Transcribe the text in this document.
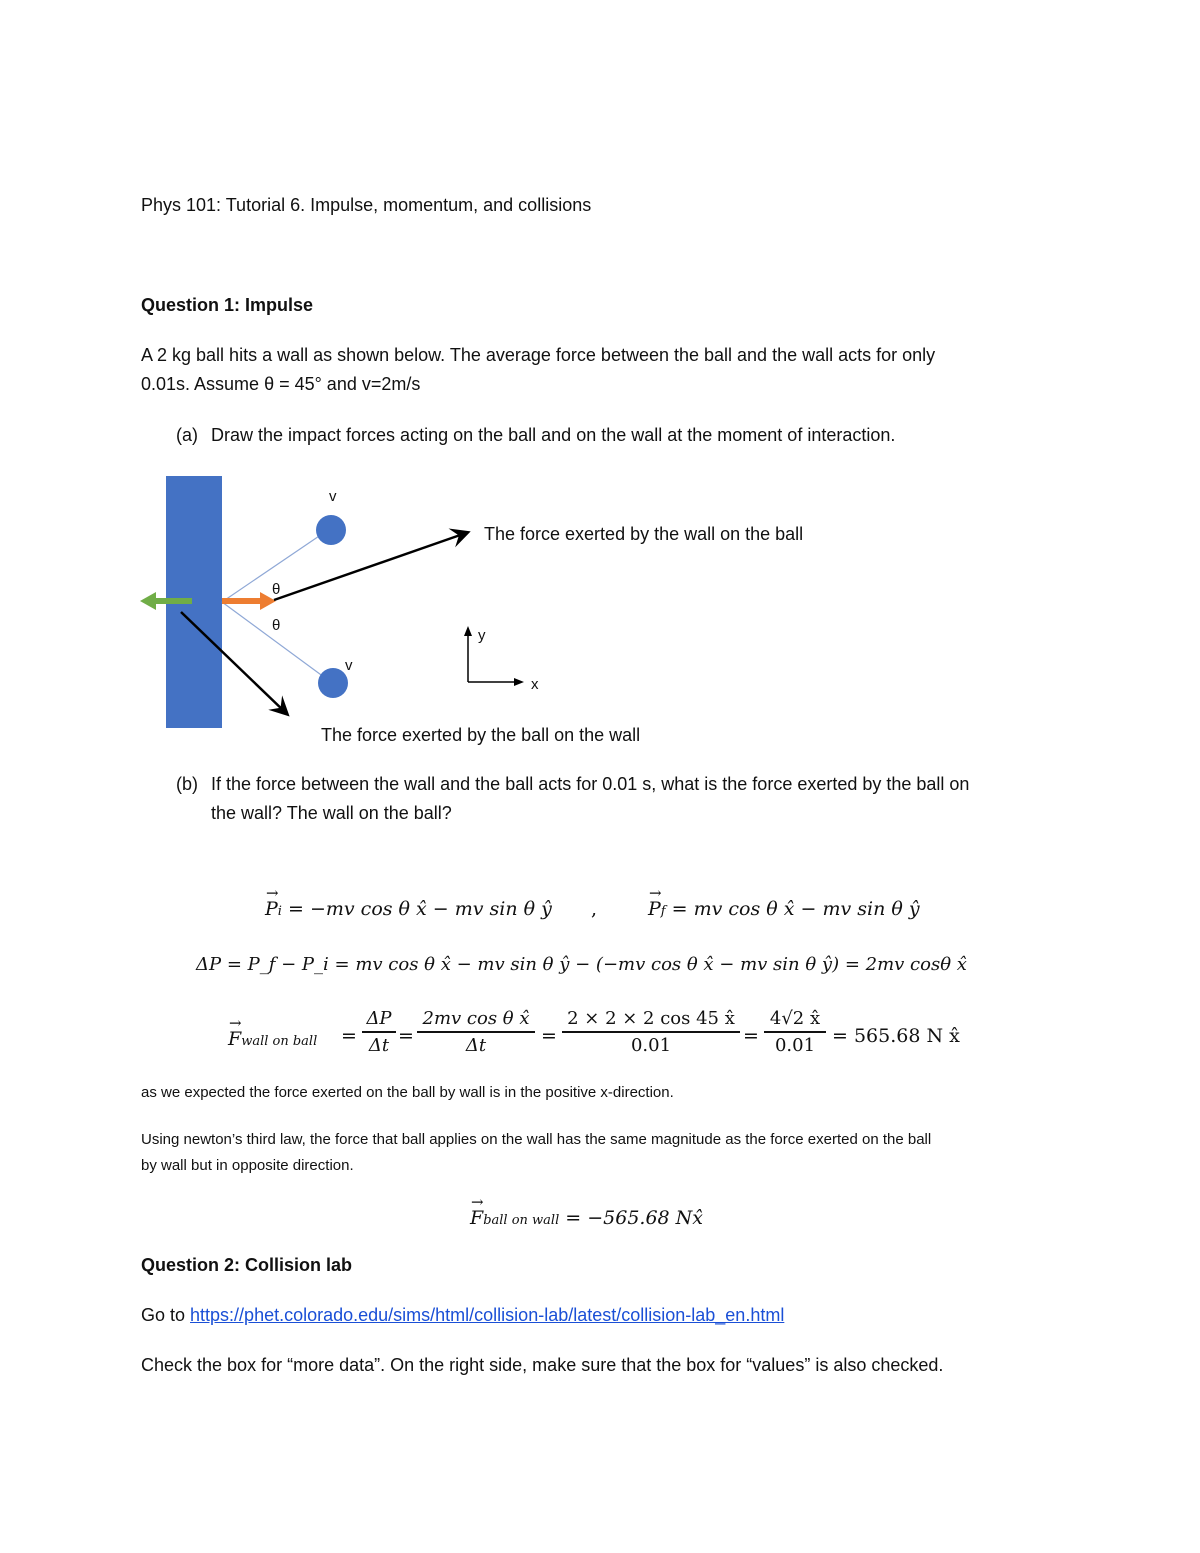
Phys 101: Tutorial 6. Impulse, momentum, and collisions
Question 1: Impulse
A 2 kg ball hits a wall as shown below. The average force between the ball and the wall acts for only
0.01s. Assume θ = 45° and v=2m/s
(a) Draw the impact forces acting on the ball and on the wall at the moment of interaction.
v
v
θ
θ
y
x
The force exerted by the wall on the ball
The force exerted by the ball on the wall
(b) If the force between the wall and the ball acts for 0.01 s, what is the force exerted by the ball on
the wall? The wall on the ball?
→ Pi = −mv cos θ x̂ − mv sin θ ŷ ,
→	Pf = mv cos θ x̂ − mv sin θ ŷ
ΔP = P_f − P_i = mv cos θ x̂ − mv sin θ ŷ − (−mv cos θ x̂ − mv sin θ ŷ) = 2mv cosθ x̂
→ Fwall on ball = $\frac{\Delta P}{\Delta t} = \frac{\text{2mv cos θ x̂}}{\Delta t} = \frac{2 \times 2 \times 2 \cos 45 x̂}{0.01} = \frac{4√2 x̂}{0.01} = 565.68$ N x̂
as we expected the force exerted on the ball by wall is in the positive x-direction.
Using newton’s third law, the force that ball applies on the wall has the same magnitude as the force exerted on the ball
by wall but in opposite direction.
→ Fball on wall = −565.68 Nx̂
Question 2: Collision lab
Go to https://phet.colorado.edu/sims/html/collision-lab/latest/collision-lab_en.html
Check the box for “more data”. On the right side, make sure that the box for “values” is also checked.
